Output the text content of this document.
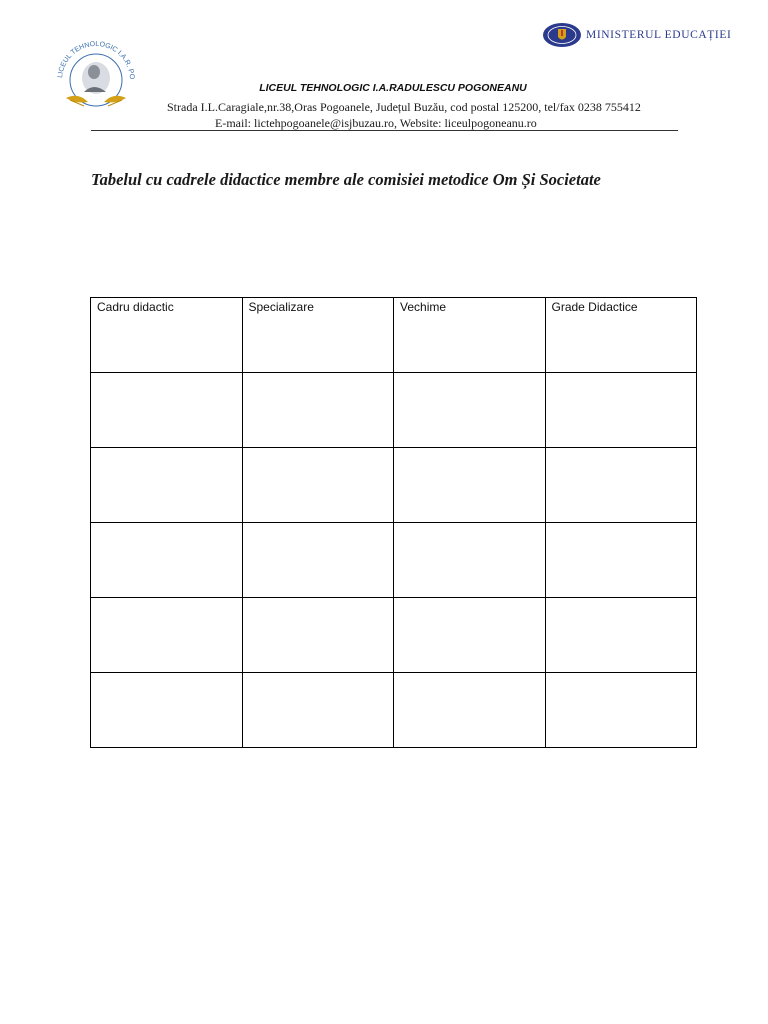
LICEUL TEHNOLOGIC I.A.R. PO
MINISTERUL EDUCAȚIEI
LICEUL TEHNOLOGIC I.A.RADULESCU POGONEANU
Strada I.L.Caragiale,nr.38,Oras Pogoanele, Județul Buzău, cod postal 125200, tel/fax 0238 755412
E-mail: lictehpogoanele@isjbuzau.ro, Website: liceulpogoneanu.ro
Tabelul cu cadrele didactice membre ale comisiei metodice Om Și Societate
Cadru didactic	Specializare	Vechime	Grade Didactice
